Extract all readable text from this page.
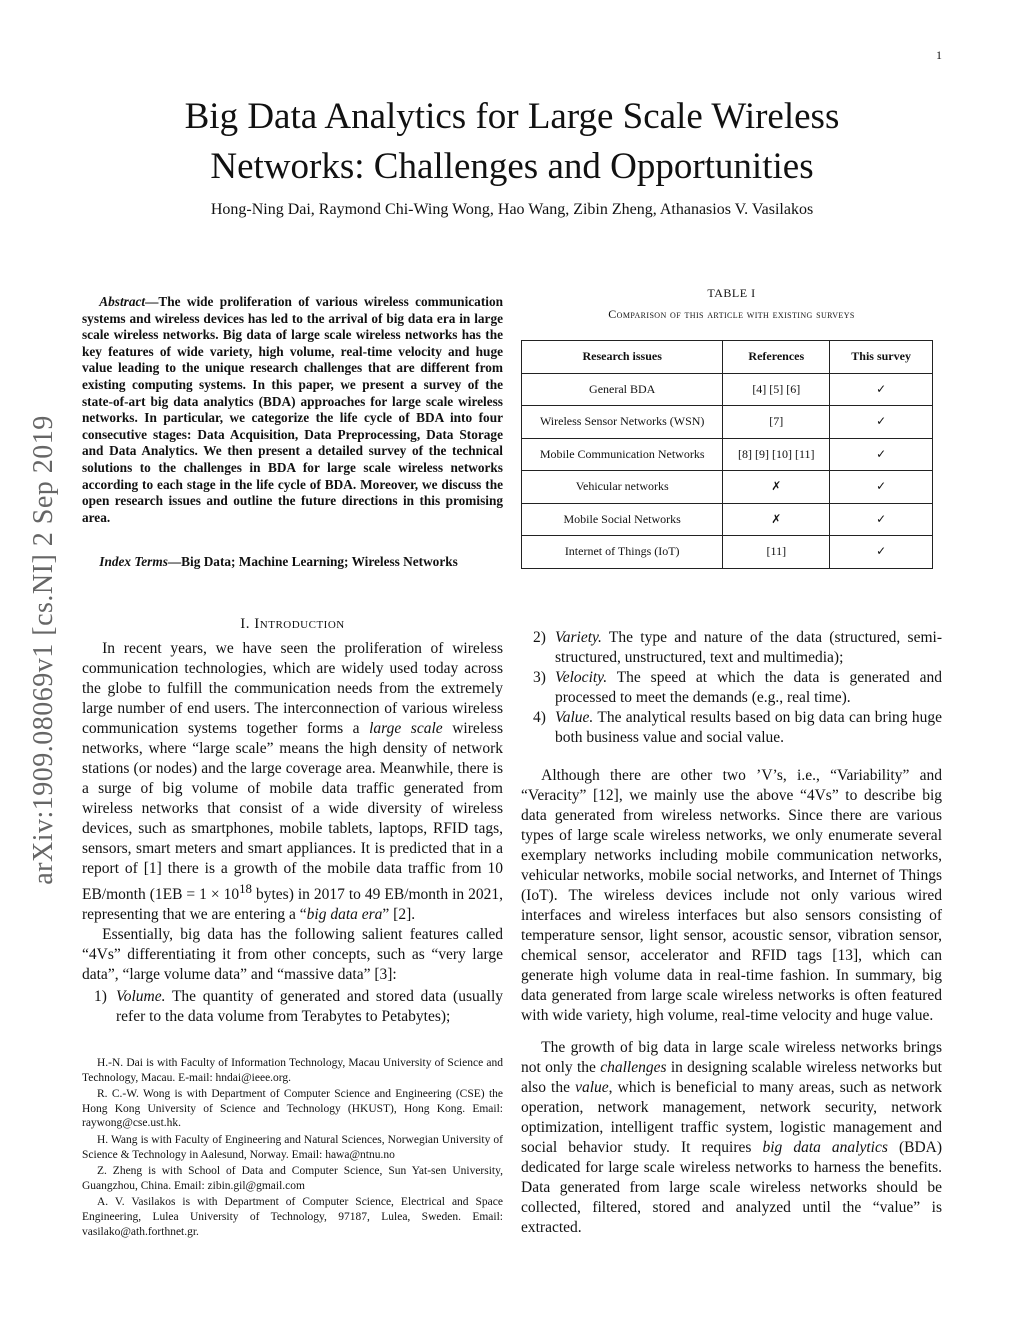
1
arXiv:1909.08069v1 [cs.NI] 2 Sep 2019
Big Data Analytics for Large Scale Wireless
Networks: Challenges and Opportunities
Hong-Ning Dai, Raymond Chi-Wing Wong, Hao Wang, Zibin Zheng, Athanasios V. Vasilakos
Abstract—The wide proliferation of various wireless communication systems and wireless devices has led to the arrival of big data era in large scale wireless networks. Big data of large scale wireless networks has the key features of wide variety, high volume, real-time velocity and huge value leading to the unique research challenges that are different from existing computing systems. In this paper, we present a survey of the state-of-art big data analytics (BDA) approaches for large scale wireless networks. In particular, we categorize the life cycle of BDA into four consecutive stages: Data Acquisition, Data Preprocessing, Data Storage and Data Analytics. We then present a detailed survey of the technical solutions to the challenges in BDA for large scale wireless networks according to each stage in the life cycle of BDA. Moreover, we discuss the open research issues and outline the future directions in this promising area.
Index Terms—Big Data; Machine Learning; Wireless Networks
I. Introduction

In recent years, we have seen the proliferation of wireless communication technologies, which are widely used today across the globe to fulfill the communication needs from the extremely large number of end users. The interconnection of various wireless communication systems together forms a large scale wireless networks, where “large scale” means the high density of network stations (or nodes) and the large coverage area. Meanwhile, there is a surge of big volume of mobile data traffic generated from wireless networks that consist of a wide diversity of wireless devices, such as smartphones, mobile tablets, laptops, RFID tags, sensors, smart meters and smart appliances. It is predicted that in a report of [1] there is a growth of the mobile data traffic from 10 EB/month ($1EB = 1 \times 10^{18}$ bytes) in 2017 to 49 EB/month in 2021, representing that we are entering a “big data era” [2].

Essentially, big data has the following salient features called “4Vs” differentiating it from other concepts, such as “very large data”, “large volume data” and “massive data” [3]:

1) Volume. The quantity of generated and stored data (usually refer to the data volume from Terabytes to Petabytes);

H.-N. Dai is with Faculty of Information Technology, Macau University of Science and Technology, Macau. E-mail: hndai@ieee.org.

R. C.-W. Wong is with Department of Computer Science and Engineering (CSE) the Hong Kong University of Science and Technology (HKUST), Hong Kong. Email: raywong@cse.ust.hk.

H. Wang is with Faculty of Engineering and Natural Sciences, Norwegian University of Science & Technology in Aalesund, Norway. Email: hawa@ntnu.no

Z. Zheng is with School of Data and Computer Science, Sun Yat-sen University, Guangzhou, China. Email: zibin.gil@gmail.com

A. V. Vasilakos is with Department of Computer Science, Electrical and Space Engineering, Lulea University of Technology, 97187, Lulea, Sweden. Email: vasilako@ath.forthnet.gr.

TABLE I
Comparison of this article with existing surveys
Research issues	References	This survey
General BDA	[4] [5] [6]	✓
Wireless Sensor Networks (WSN)	[7]	✓
Mobile Communication Networks	[8] [9] [10] [11]	✓
Vehicular networks	✗	✓
Mobile Social Networks	✗	✓
Internet of Things (IoT)	[11]	✓
2) Variety. The type and nature of the data (structured, semi-structured, unstructured, text and multimedia);
3) Velocity. The speed at which the data is generated and processed to meet the demands (e.g., real time).
4) Value. The analytical results based on big data can bring huge both business value and social value.

Although there are other two ’V’s, i.e., “Variability” and “Veracity” [12], we mainly use the above “4Vs” to describe big data generated from wireless networks. Since there are various types of large scale wireless networks, we only enumerate several exemplary networks including mobile communication networks, vehicular networks, mobile social networks, and Internet of Things (IoT). The wireless devices include not only various wired interfaces and wireless interfaces but also sensors consisting of temperature sensor, light sensor, acoustic sensor, vibration sensor, chemical sensor, accelerator and RFID tags [13], which can generate high volume data in real-time fashion. In summary, big data generated from large scale wireless networks is often featured with wide variety, high volume, real-time velocity and huge value.

The growth of big data in large scale wireless networks brings not only the challenges in designing scalable wireless networks but also the value, which is beneficial to many areas, such as network operation, network management, network security, network optimization, intelligent traffic system, logistic management and social behavior study. It requires big data analytics (BDA) dedicated for large scale wireless networks to harness the benefits. Data generated from large scale wireless networks should be collected, filtered, stored and analyzed until the “value” is extracted.
